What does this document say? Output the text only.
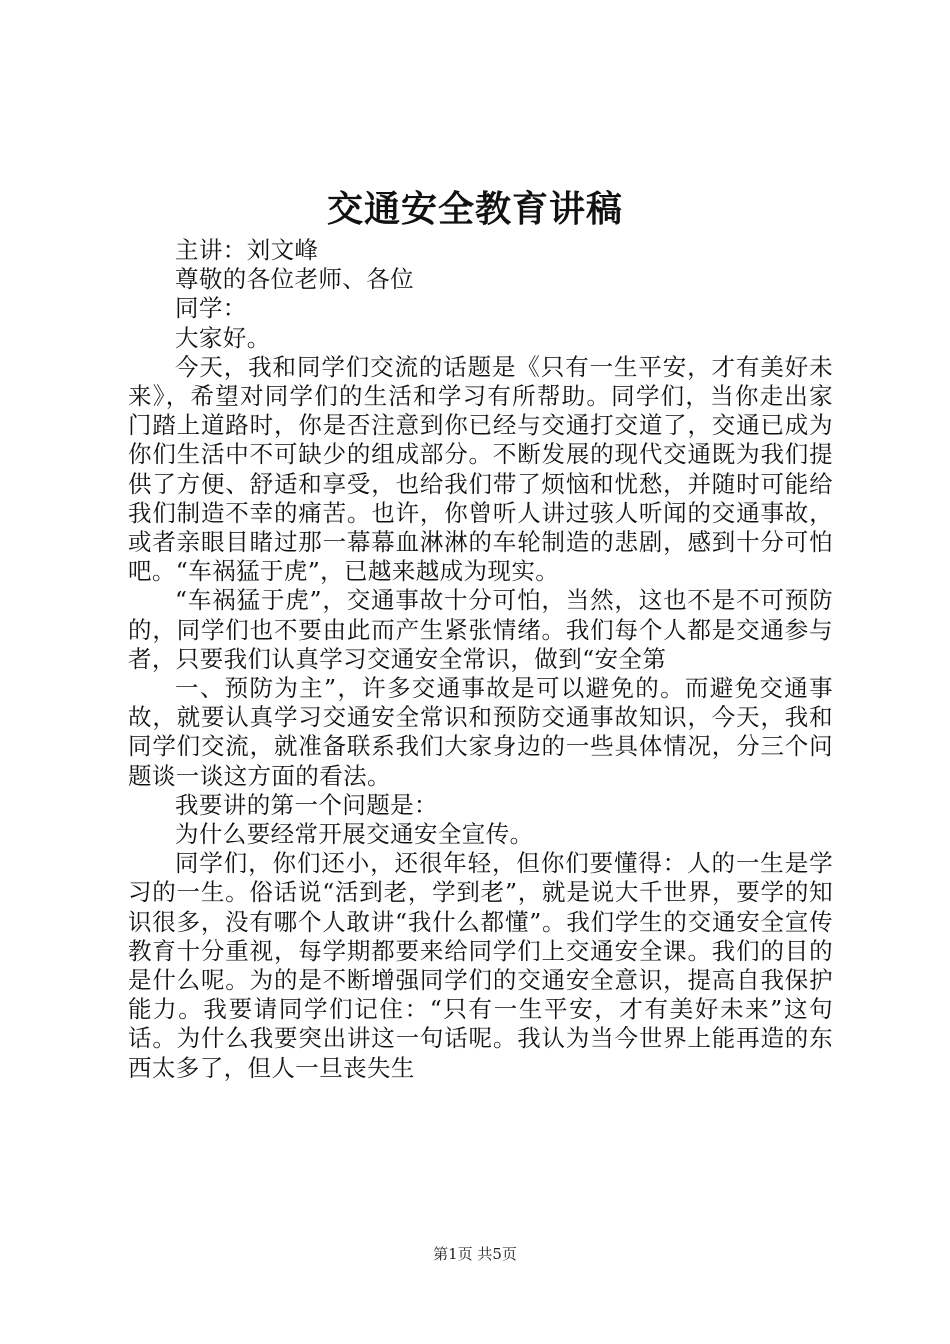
交通安全教育讲稿

主讲：刘文峰

尊敬的各位老师、各位

同学：

大家好。

今天，我和同学们交流的话题是《只有一生平安，才有美好未来》，希望对同学们的生活和学习有所帮助。同学们，当你走出家门踏上道路时，你是否注意到你已经与交通打交道了，交通已成为你们生活中不可缺少的组成部分。不断发展的现代交通既为我们提供了方便、舒适和享受，也给我们带了烦恼和忧愁，并随时可能给我们制造不幸的痛苦。也许，你曾听人讲过骇人听闻的交通事故，或者亲眼目睹过那一幕幕血淋淋的车轮制造的悲剧，感到十分可怕吧。“车祸猛于虎”，已越来越成为现实。

“车祸猛于虎”，交通事故十分可怕，当然，这也不是不可预防的，同学们也不要由此而产生紧张情绪。我们每个人都是交通参与者，只要我们认真学习交通安全常识，做到“安全第

一、预防为主”，许多交通事故是可以避免的。而避免交通事故，就要认真学习交通安全常识和预防交通事故知识，今天，我和同学们交流，就准备联系我们大家身边的一些具体情况，分三个问题谈一谈这方面的看法。

我要讲的第一个问题是：

为什么要经常开展交通安全宣传。

同学们，你们还小，还很年轻，但你们要懂得：人的一生是学习的一生。俗话说“活到老，学到老”，就是说大千世界，要学的知识很多，没有哪个人敢讲“我什么都懂”。我们学生的交通安全宣传教育十分重视，每学期都要来给同学们上交通安全课。我们的目的是什么呢。为的是不断增强同学们的交通安全意识，提高自我保护能力。我要请同学们记住：“只有一生平安，才有美好未来”这句话。为什么我要突出讲这一句话呢。我认为当今世界上能再造的东西太多了，但人一旦丧失生

第1页 共5页
